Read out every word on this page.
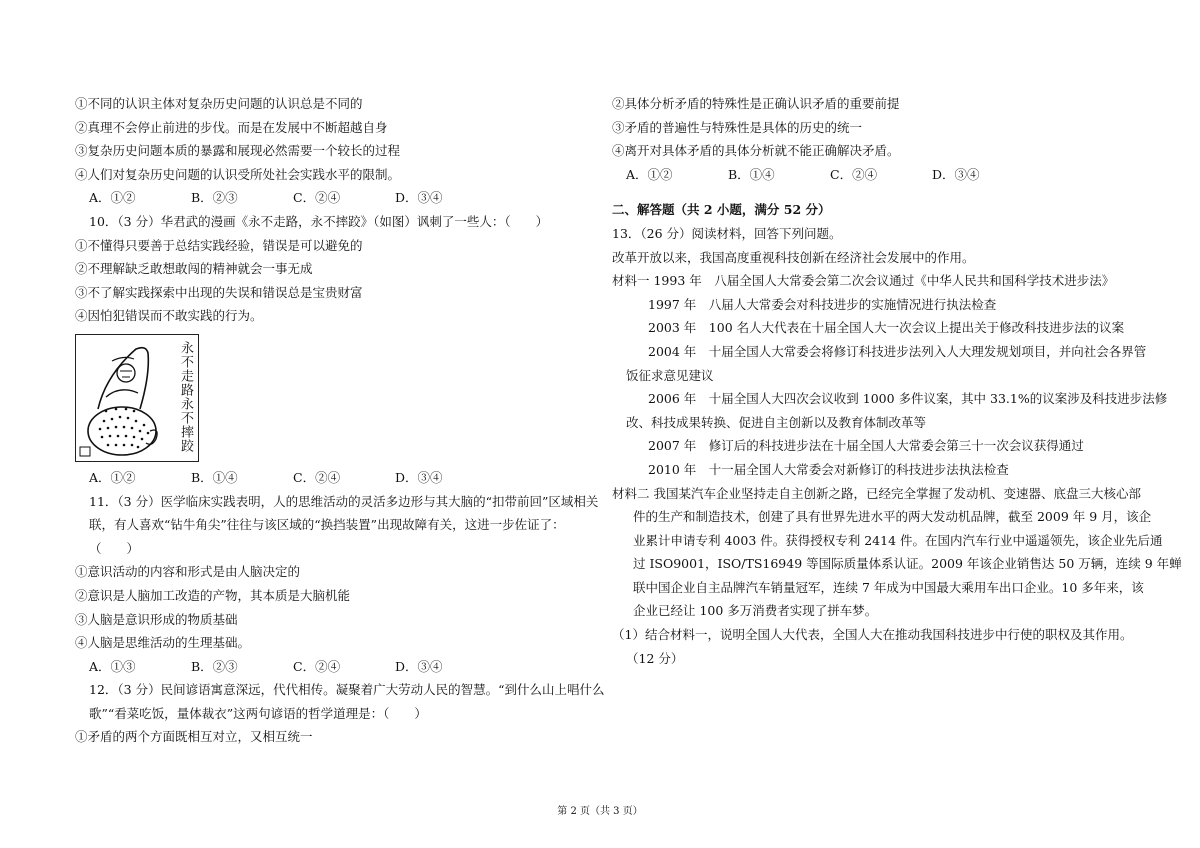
①不同的认识主体对复杂历史问题的认识总是不同的
②真理不会停止前进的步伐。而是在发展中不断超越自身
③复杂历史问题本质的暴露和展现必然需要一个较长的过程
④人们对复杂历史问题的认识受所处社会实践水平的限制。
A．①②	B．②③	C．②④	D．③④
10．（3 分）华君武的漫画《永不走路，永不摔跤》（如图）讽刺了一些人：（　　）
①不懂得只要善于总结实践经验，错误是可以避免的
②不理解缺乏敢想敢闯的精神就会一事无成
③不了解实践探索中出现的失误和错误总是宝贵财富
④因怕犯错误而不敢实践的行为。
永不走路永不摔跤
A．①②	B．①④	C．②④	D．③④
11．（3 分）医学临床实践表明，人的思维活动的灵活多边形与其大脑的“扣带前回”区域相关
联，有人喜欢“钻牛角尖”往往与该区域的“换挡装置”出现故障有关，这进一步佐证了：
（　　）
①意识活动的内容和形式是由人脑决定的
②意识是人脑加工改造的产物，其本质是大脑机能
③人脑是意识形成的物质基础
④人脑是思维活动的生理基础。
A．①③	B．②③	C．②④	D．③④
12．（3 分）民间谚语寓意深远，代代相传。凝聚着广大劳动人民的智慧。“到什么山上唱什么
歌”“看菜吃饭，量体裁衣”这两句谚语的哲学道理是：（　　）
①矛盾的两个方面既相互对立，又相互统一
②具体分析矛盾的特殊性是正确认识矛盾的重要前提
③矛盾的普遍性与特殊性是具体的历史的统一
④离开对具体矛盾的具体分析就不能正确解决矛盾。
A．①②	B．①④	C．②④	D．③④
二、解答题（共 2 小题，满分 52 分）
13．（26 分）阅读材料，回答下列问题。
改革开放以来，我国高度重视科技创新在经济社会发展中的作用。
材料一 1993 年　八届全国人大常委会第二次会议通过《中华人民共和国科学技术进步法》
1997 年　八届人大常委会对科技进步的实施情况进行执法检查
2003 年　100 名人大代表在十届全国人大一次会议上提出关于修改科技进步法的议案
2004 年　十届全国人大常委会将修订科技进步法列入人大理发规划项目，并向社会各界管
饭征求意见建议
2006 年　十届全国人大四次会议收到 1000 多件议案，其中 33.1%的议案涉及科技进步法修
改、科技成果转换、促进自主创新以及教育体制改革等
2007 年　修订后的科技进步法在十届全国人大常委会第三十一次会议获得通过
2010 年　十一届全国人大常委会对新修订的科技进步法执法检查
材料二 我国某汽车企业坚持走自主创新之路，已经完全掌握了发动机、变速器、底盘三大核心部
件的生产和制造技术，创建了具有世界先进水平的两大发动机品牌，截至 2009 年 9 月，该企
业累计申请专利 4003 件。获得授权专利 2414 件。在国内汽车行业中遥遥领先，该企业先后通
过 ISO9001，ISO/TS16949 等国际质量体系认证。2009 年该企业销售达 50 万辆，连续 9 年蝉
联中国企业自主品牌汽车销量冠军，连续 7 年成为中国最大乘用车出口企业。10 多年来，该
企业已经让 100 多万消费者实现了拼车梦。
（1）结合材料一，说明全国人大代表，全国人大在推动我国科技进步中行使的职权及其作用。
（12 分）
第 2 页（共 3 页）
